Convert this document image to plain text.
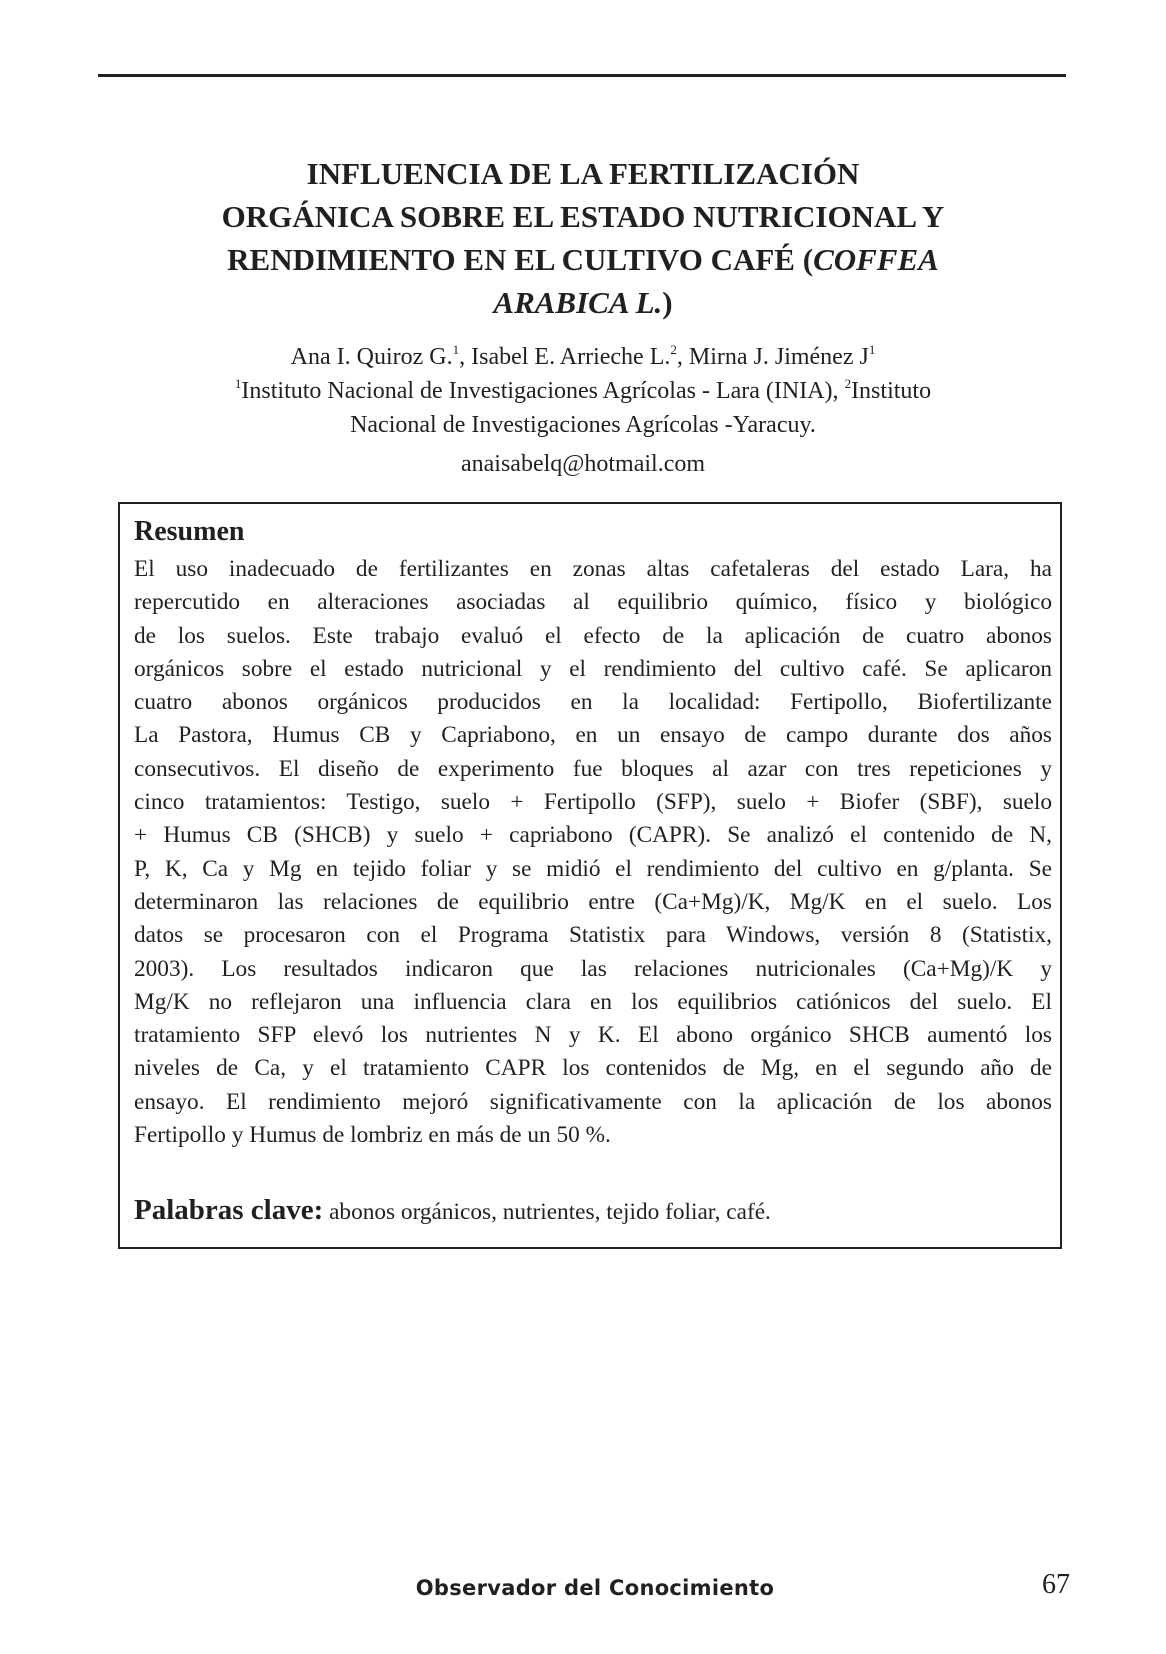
INFLUENCIA DE LA FERTILIZACIÓN
ORGÁNICA SOBRE EL ESTADO NUTRICIONAL Y
RENDIMIENTO EN EL CULTIVO CAFÉ (COFFEA
ARABICA L.)
Ana I. Quiroz G.$^1$, Isabel E. Arrieche L.$^2$, Mirna J. Jiménez $J^1$
$^1$Instituto Nacional de Investigaciones Agrícolas - Lara (INIA), $^2$Instituto
Nacional de Investigaciones Agrícolas -Yaracuy.
anaisabelq@hotmail.com
Resumen

El uso inadecuado de fertilizantes en zonas altas cafetaleras del estado Lara, ha
repercutido en alteraciones asociadas al equilibrio químico, físico y biológico
de los suelos. Este trabajo evaluó el efecto de la aplicación de cuatro abonos
orgánicos sobre el estado nutricional y el rendimiento del cultivo café. Se aplicaron
cuatro abonos orgánicos producidos en la localidad: Fertipollo, Biofertilizante
La Pastora, Humus CB y Capriabono, en un ensayo de campo durante dos años
consecutivos. El diseño de experimento fue bloques al azar con tres repeticiones y
cinco tratamientos: Testigo, suelo + Fertipollo (SFP), suelo + Biofer (SBF), suelo
+ Humus CB (SHCB) y suelo + capriabono (CAPR). Se analizó el contenido de N,
P, K, Ca y Mg en tejido foliar y se midió el rendimiento del cultivo en g/planta. Se
determinaron las relaciones de equilibrio entre (Ca+Mg)/K, Mg/K en el suelo. Los
datos se procesaron con el Programa Statistix para Windows, versión 8 (Statistix,
2003). Los resultados indicaron que las relaciones nutricionales (Ca+Mg)/K y
Mg/K no reflejaron una influencia clara en los equilibrios catiónicos del suelo. El
tratamiento SFP elevó los nutrientes N y K. El abono orgánico SHCB aumentó los
niveles de Ca, y el tratamiento CAPR los contenidos de Mg, en el segundo año de
ensayo. El rendimiento mejoró significativamente con la aplicación de los abonos
Fertipollo y Humus de lombriz en más de un 50 %.

Palabras clave: abonos orgánicos, nutrientes, tejido foliar, café.

Observador del Conocimiento	67
